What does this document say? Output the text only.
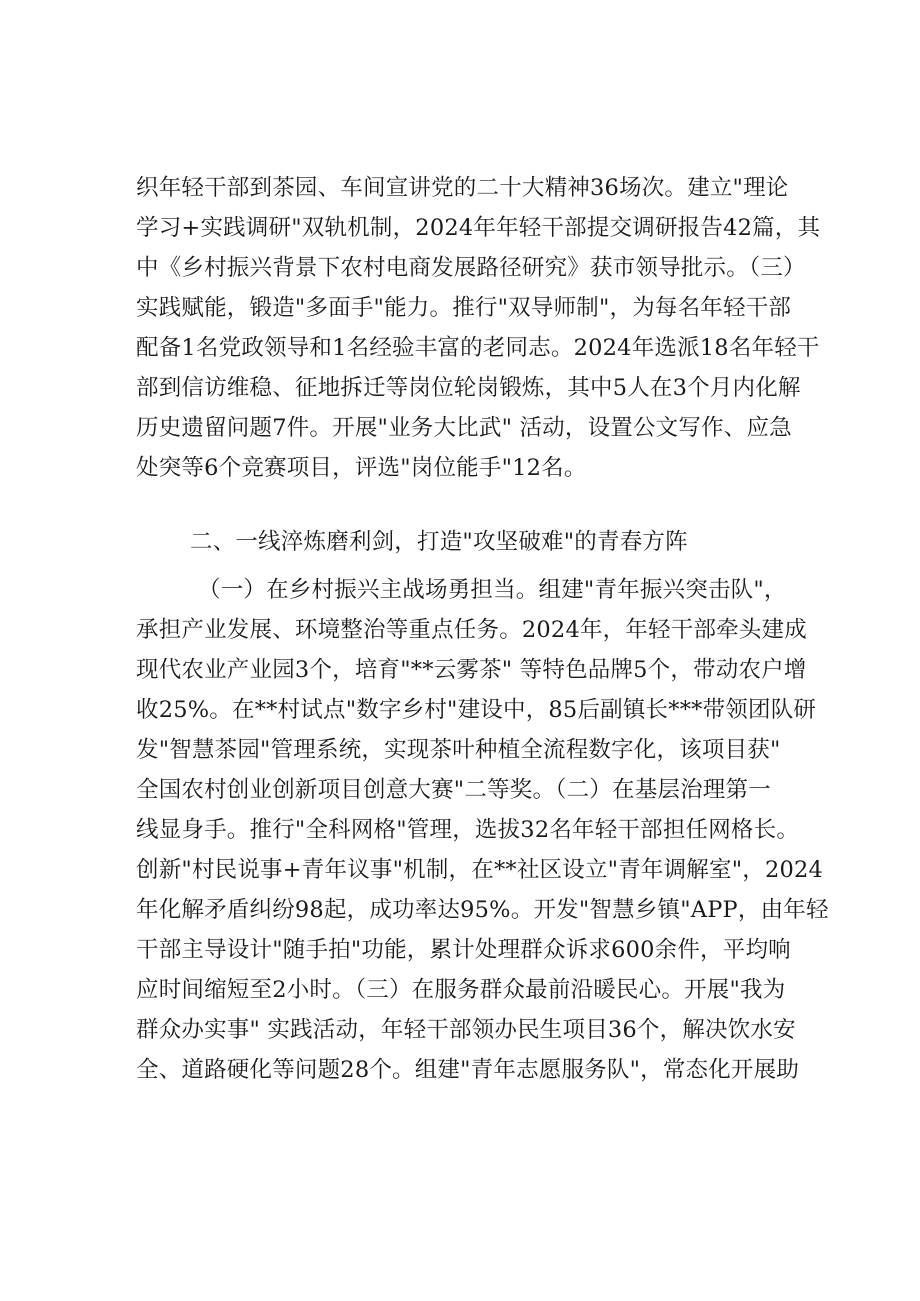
织年轻干部到茶园、车间宣讲党的二十大精神36场次。建立"理论
学习+实践调研"双轨机制，2024年年轻干部提交调研报告42篇，其
中《乡村振兴背景下农村电商发展路径研究》获市领导批示。（三）
实践赋能，锻造"多面手"能力。推行"双导师制"，为每名年轻干部
配备1名党政领导和1名经验丰富的老同志。2024年选派18名年轻干
部到信访维稳、征地拆迁等岗位轮岗锻炼，其中5人在3个月内化解
历史遗留问题7件。开展"业务大比武" 活动，设置公文写作、应急
处突等6个竞赛项目，评选"岗位能手"12名。
二、一线淬炼磨利剑，打造"攻坚破难"的青春方阵
（一）在乡村振兴主战场勇担当。组建"青年振兴突击队"，
承担产业发展、环境整治等重点任务。2024年，年轻干部牵头建成
现代农业产业园3个，培育"**云雾茶" 等特色品牌5个，带动农户增
收25%。在**村试点"数字乡村"建设中，85后副镇长***带领团队研
发"智慧茶园"管理系统，实现茶叶种植全流程数字化，该项目获"
全国农村创业创新项目创意大赛"二等奖。（二）在基层治理第一
线显身手。推行"全科网格"管理，选拔32名年轻干部担任网格长。
创新"村民说事+青年议事"机制，在**社区设立"青年调解室"，2024
年化解矛盾纠纷98起，成功率达95%。开发"智慧乡镇"APP，由年轻
干部主导设计"随手拍"功能，累计处理群众诉求600余件，平均响
应时间缩短至2小时。（三）在服务群众最前沿暖民心。开展"我为
群众办实事" 实践活动，年轻干部领办民生项目36个，解决饮水安
全、道路硬化等问题28个。组建"青年志愿服务队"，常态化开展助
